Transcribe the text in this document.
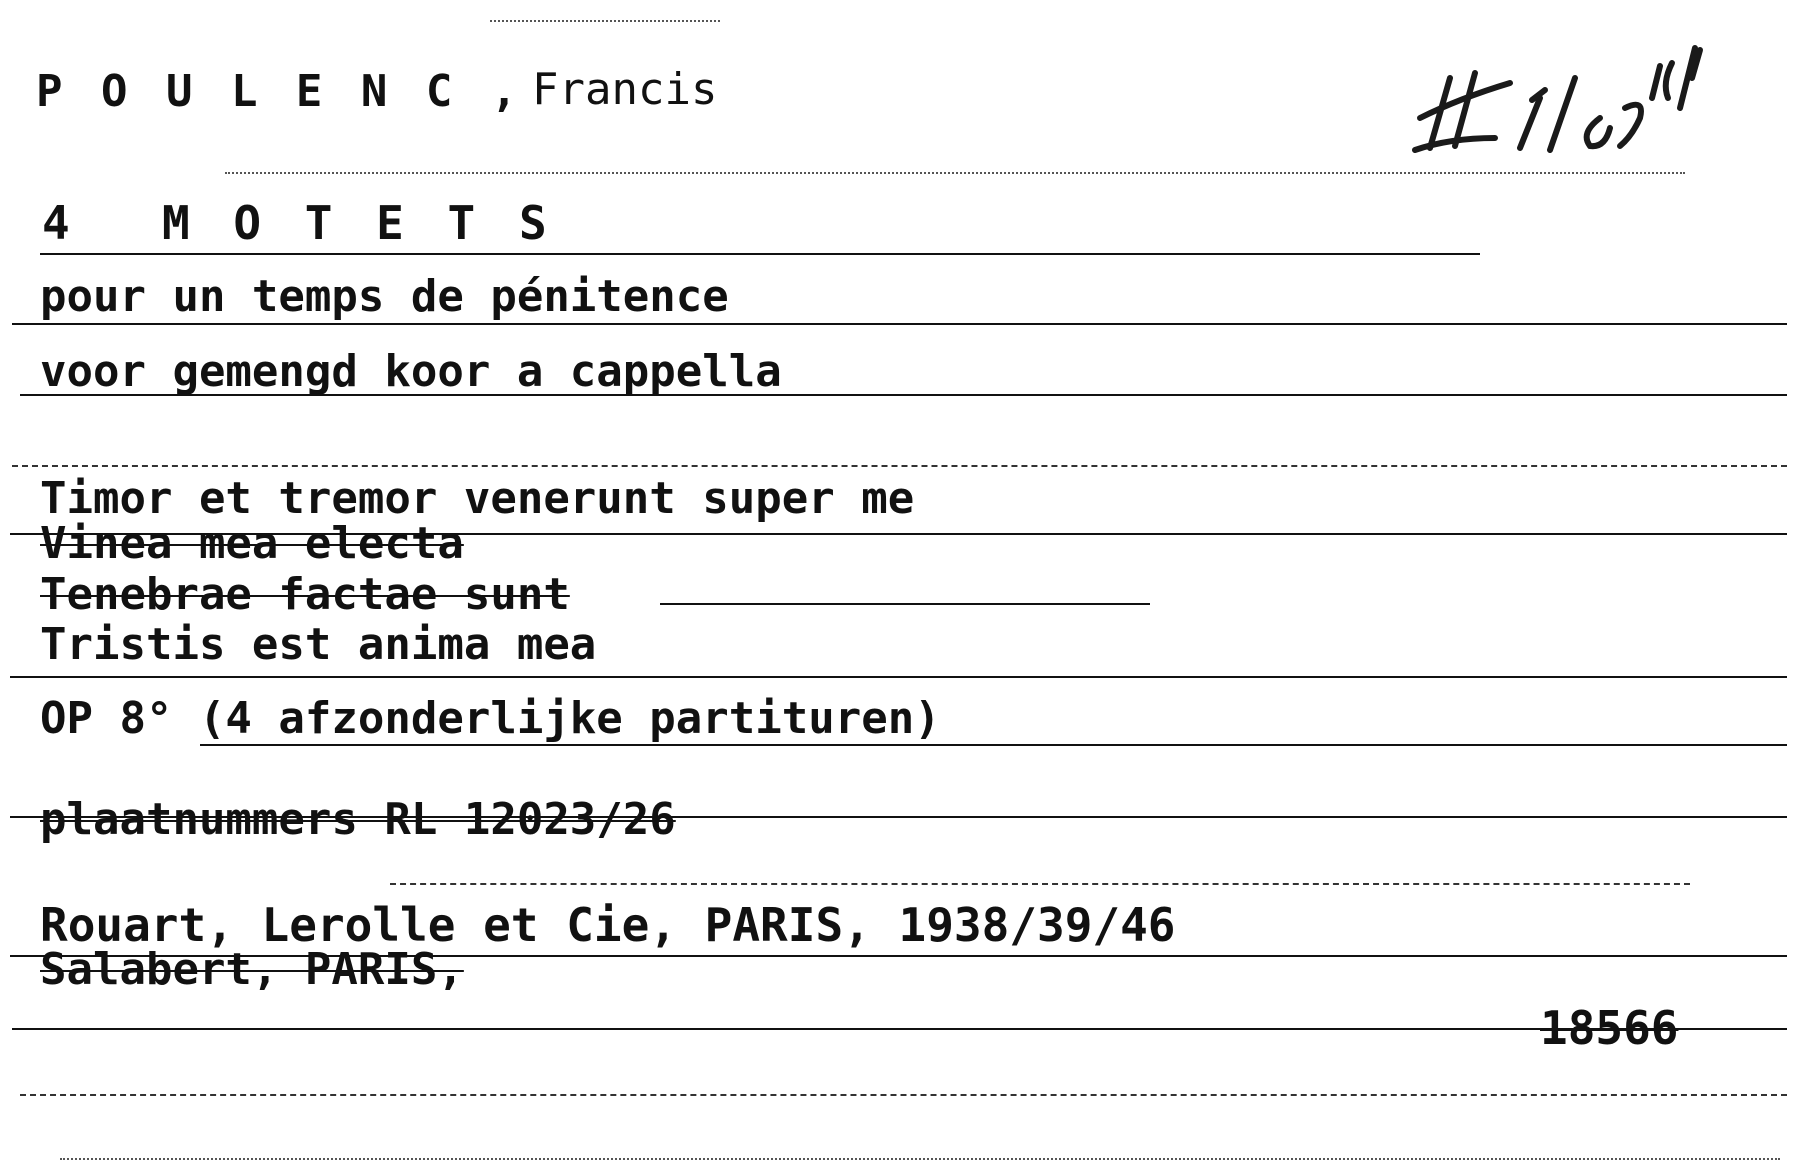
P O U L E N C , Francis
4 M O T E T S
pour un temps de pénitence
voor gemengd koor a cappella
Timor et tremor venerunt super me
Vinea mea electa
Tenebrae factae sunt
Tristis est anima mea
OP 8° (4 afzonderlijke partituren)
plaatnummers RL 12023/26
Rouart, Lerolle et Cie, PARIS, 1938/39/46
Salabert, PARIS,
18566
